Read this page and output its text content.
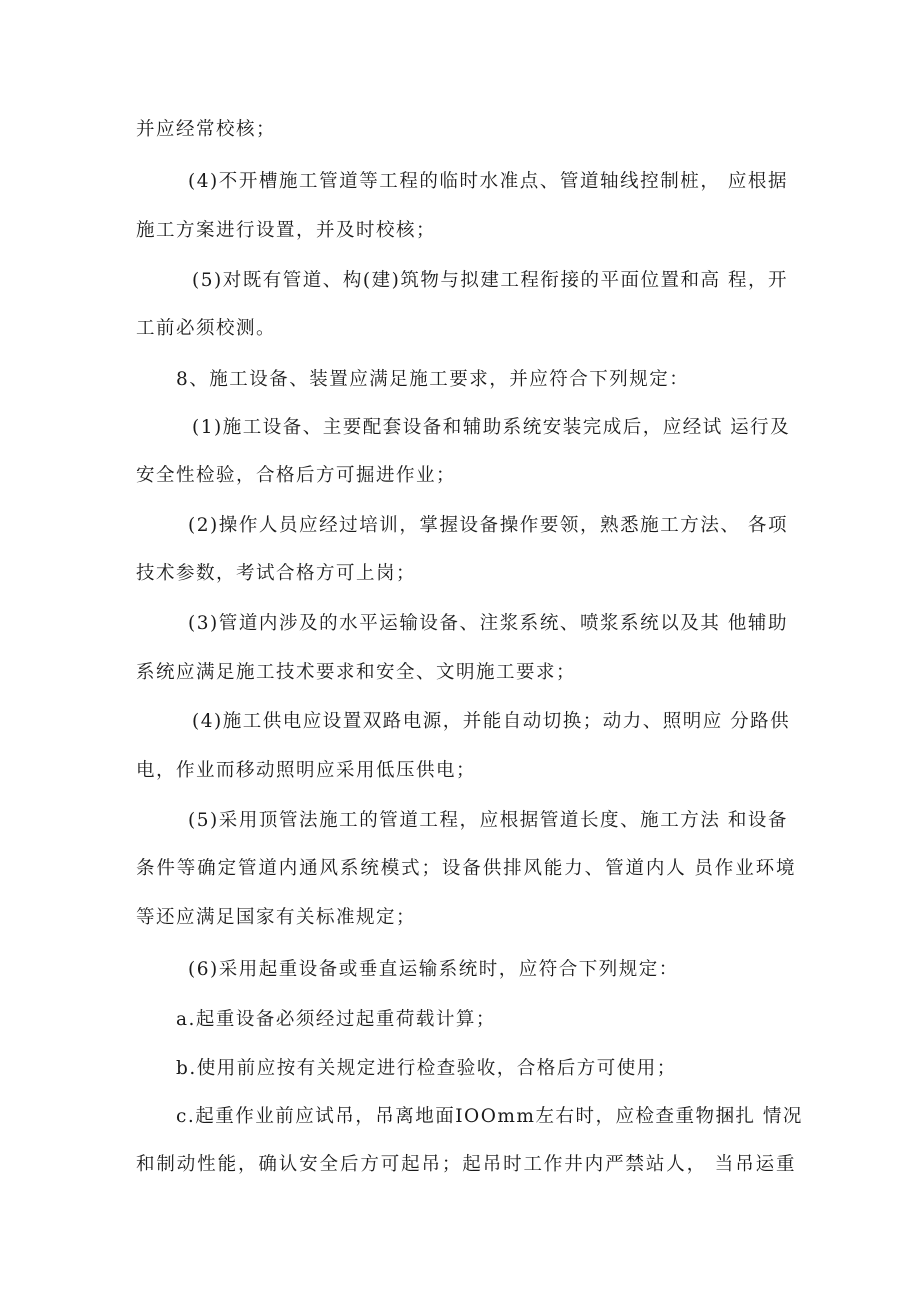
并应经常校核；
(4)不开槽施工管道等工程的临时水准点、管道轴线控制桩， 应根据
施工方案进行设置，并及时校核；
(5)对既有管道、构(建)筑物与拟建工程衔接的平面位置和高 程，开
工前必须校测。
8、施工设备、装置应满足施工要求，并应符合下列规定：
(1)施工设备、主要配套设备和辅助系统安装完成后，应经试 运行及
安全性检验，合格后方可掘进作业；
(2)操作人员应经过培训，掌握设备操作要领，熟悉施工方法、 各项
技术参数，考试合格方可上岗；
(3)管道内涉及的水平运输设备、注浆系统、喷浆系统以及其 他辅助
系统应满足施工技术要求和安全、文明施工要求；
(4)施工供电应设置双路电源，并能自动切换；动力、照明应 分路供
电，作业而移动照明应采用低压供电；
(5)采用顶管法施工的管道工程，应根据管道长度、施工方法 和设备
条件等确定管道内通风系统模式；设备供排风能力、管道内人 员作业环境
等还应满足国家有关标准规定；
(6)采用起重设备或垂直运输系统时，应符合下列规定：
a.起重设备必须经过起重荷载计算；
b.使用前应按有关规定进行检查验收，合格后方可使用；
c.起重作业前应试吊，吊离地面IOOmm左右时，应检查重物捆扎 情况
和制动性能，确认安全后方可起吊；起吊时工作井内严禁站人， 当吊运重
